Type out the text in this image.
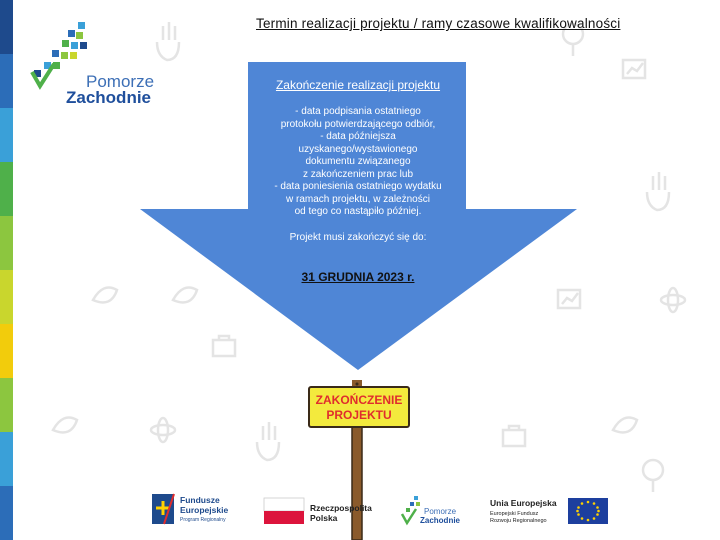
Termin realizacji projektu / ramy czasowe kwalifikowalności
Pomorze
Zachodnie
Zakończenie realizacji projektu
- data podpisania ostatniego
protokołu potwierdzającego odbiór,
- data późniejsza
uzyskanego/wystawionego
dokumentu związanego
z zakończeniem prac lub
- data poniesienia ostatniego wydatku
w ramach projektu, w zależności
od tego co nastąpiło później.
Projekt musi zakończyć się do:
31 GRUDNIA 2023 r.
ZAKOŃCZENIE
PROJEKTU
Fundusze
Europejskie
Program Regionalny
Rzeczpospolita
Polska
Pomorze
Zachodnie
Unia Europejska
Europejski Fundusz
Rozwoju Regionalnego
